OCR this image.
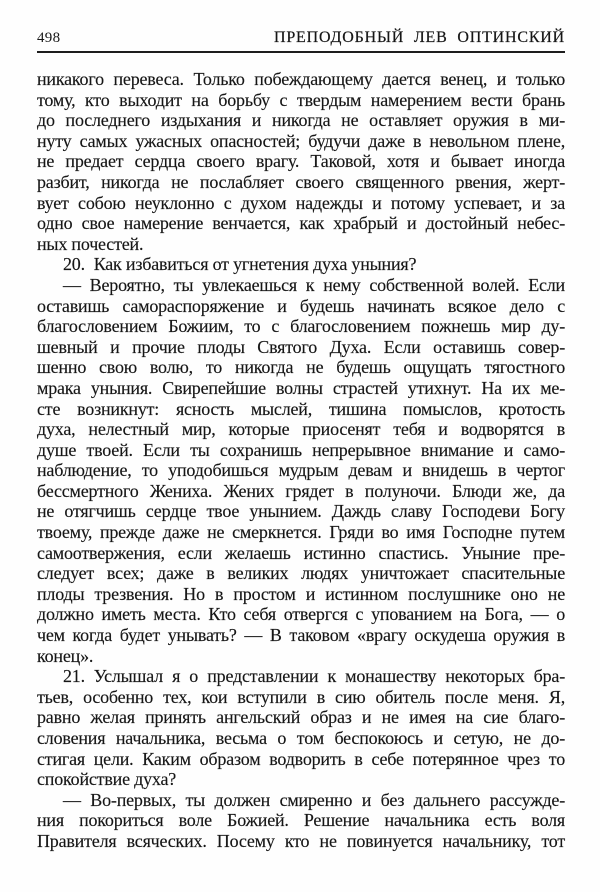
498	ПРЕПОДОБНЫЙ ЛЕВ ОПТИНСКИЙ
никакого перевеса. Только побеждающему дается венец, и только
тому, кто выходит на борьбу с твердым намерением вести брань
до последнего издыхания и никогда не оставляет оружия в ми-
нуту самых ужасных опасностей; будучи даже в невольном плене,
не предает сердца своего врагу. Таковой, хотя и бывает иногда
разбит, никогда не послабляет своего священного рвения, жерт-
вует собою неуклонно с духом надежды и потому успевает, и за
одно свое намерение венчается, как храбрый и достойный небес-
ных почестей.
20. Как избавиться от угнетения духа уныния?
— Вероятно, ты увлекаешься к нему собственной волей. Если
оставишь самораспоряжение и будешь начинать всякое дело с
благословением Божиим, то с благословением пожнешь мир ду-
шевный и прочие плоды Святого Духа. Если оставишь совер-
шенно свою волю, то никогда не будешь ощущать тягостного
мрака уныния. Свирепейшие волны страстей утихнут. На их ме-
сте возникнут: ясность мыслей, тишина помыслов, кротость
духа, нелестный мир, которые приосенят тебя и водворятся в
душе твоей. Если ты сохранишь непрерывное внимание и само-
наблюдение, то уподобишься мудрым девам и внидешь в чертог
бессмертного Жениха. Жених грядет в полуночи. Блюди же, да
не отягчишь сердце твое унынием. Даждь славу Господеви Богу
твоему, прежде даже не смеркнется. Гряди во имя Господне путем
самоотвержения, если желаешь истинно спастись. Уныние пре-
следует всех; даже в великих людях уничтожает спасительные
плоды трезвения. Но в простом и истинном послушнике оно не
должно иметь места. Кто себя отвергся с упованием на Бога, — о
чем когда будет унывать? — В таковом «врагу оскудеша оружия в
конец».
21. Услышал я о представлении к монашеству некоторых бра-
тьев, особенно тех, кои вступили в сию обитель после меня. Я,
равно желая принять ангельский образ и не имея на сие благо-
словения начальника, весьма о том беспокоюсь и сетую, не до-
стигая цели. Каким образом водворить в себе потерянное чрез то
спокойствие духа?
— Во-первых, ты должен смиренно и без дальнего рассужде-
ния покориться воле Божией. Решение начальника есть воля
Правителя всяческих. Посему кто не повинуется начальнику, тот
